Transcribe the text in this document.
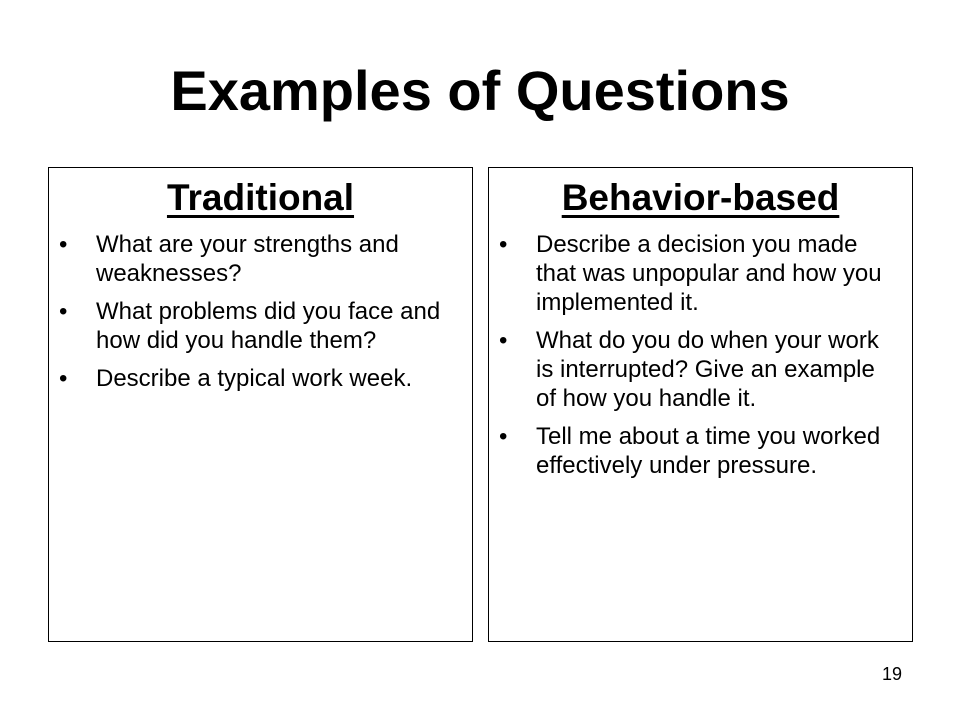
Examples of Questions
Traditional
• What are your strengths and weaknesses?
• What problems did you face and how did you handle them?
• Describe a typical work week.
Behavior-based
• Describe a decision you made that was unpopular and how you implemented it.
• What do you do when your work is interrupted? Give an example of how you handle it.
• Tell me about a time you worked effectively under pressure.
19
